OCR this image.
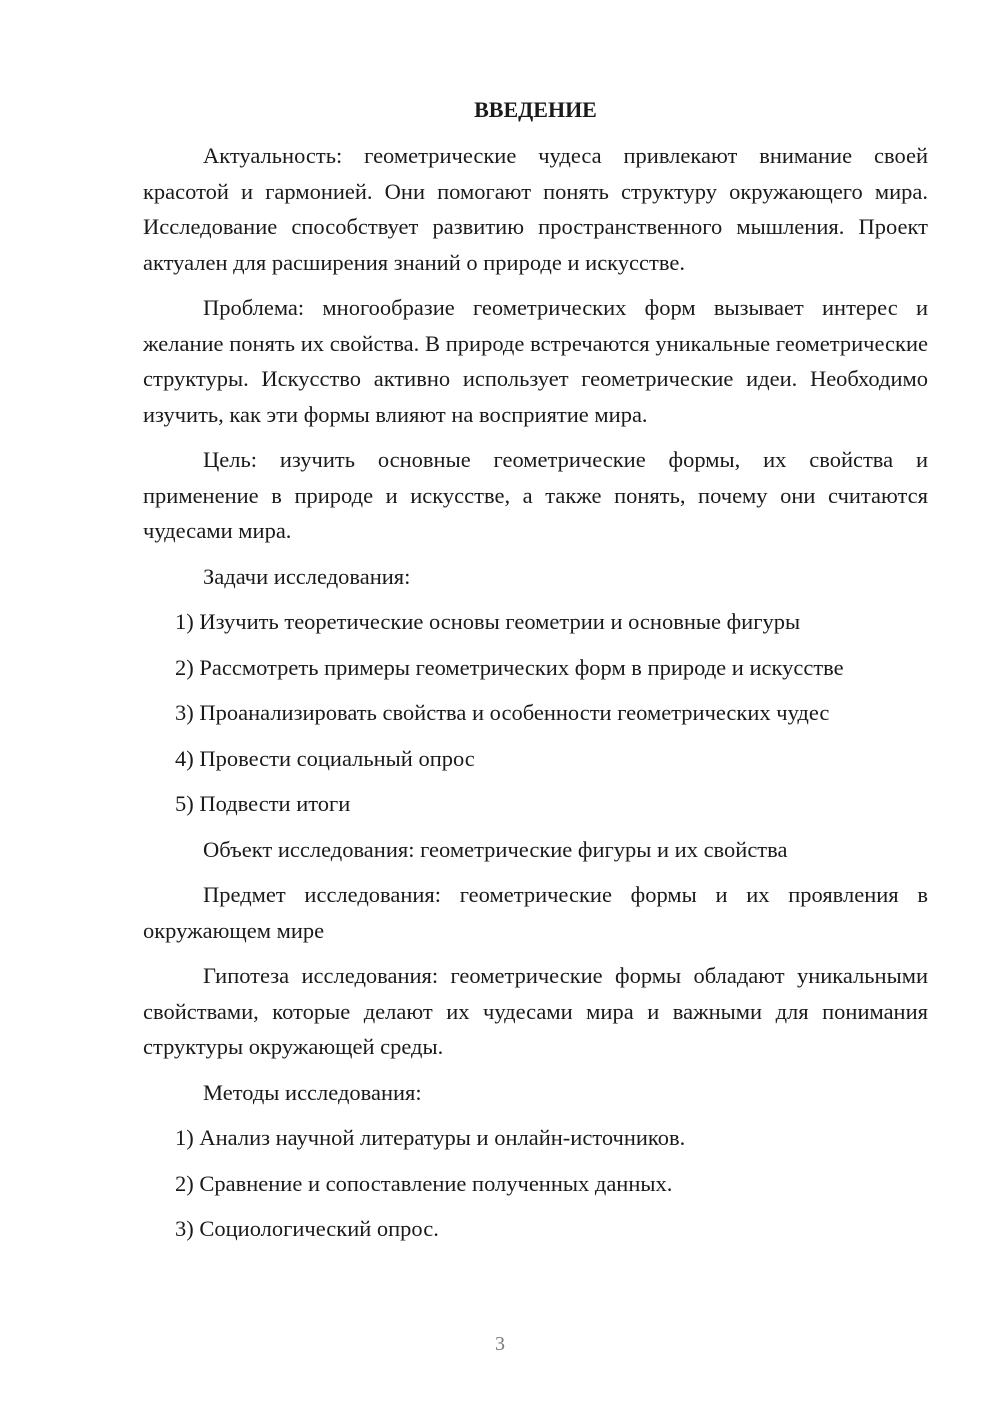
ВВЕДЕНИЕ

Актуальность: геометрические чудеса привлекают внимание своей красотой и гармонией. Они помогают понять структуру окружающего мира. Исследование способствует развитию пространственного мышления. Проект актуален для расширения знаний о природе и искусстве.

Проблема: многообразие геометрических форм вызывает интерес и желание понять их свойства. В природе встречаются уникальные геометрические структуры. Искусство активно использует геометрические идеи. Необходимо изучить, как эти формы влияют на восприятие мира.

Цель: изучить основные геометрические формы, их свойства и применение в природе и искусстве, а также понять, почему они считаются чудесами мира.

Задачи исследования:

1) Изучить теоретические основы геометрии и основные фигуры

2) Рассмотреть примеры геометрических форм в природе и искусстве

3) Проанализировать свойства и особенности геометрических чудес

4) Провести социальный опрос

5) Подвести итоги

Объект исследования: геометрические фигуры и их свойства

Предмет исследования: геометрические формы и их проявления в окружающем мире

Гипотеза исследования: геометрические формы обладают уникальными свойствами, которые делают их чудесами мира и важными для понимания структуры окружающей среды.

Методы исследования:

1) Анализ научной литературы и онлайн-источников.

2) Сравнение и сопоставление полученных данных.

3) Социологический опрос.

3
